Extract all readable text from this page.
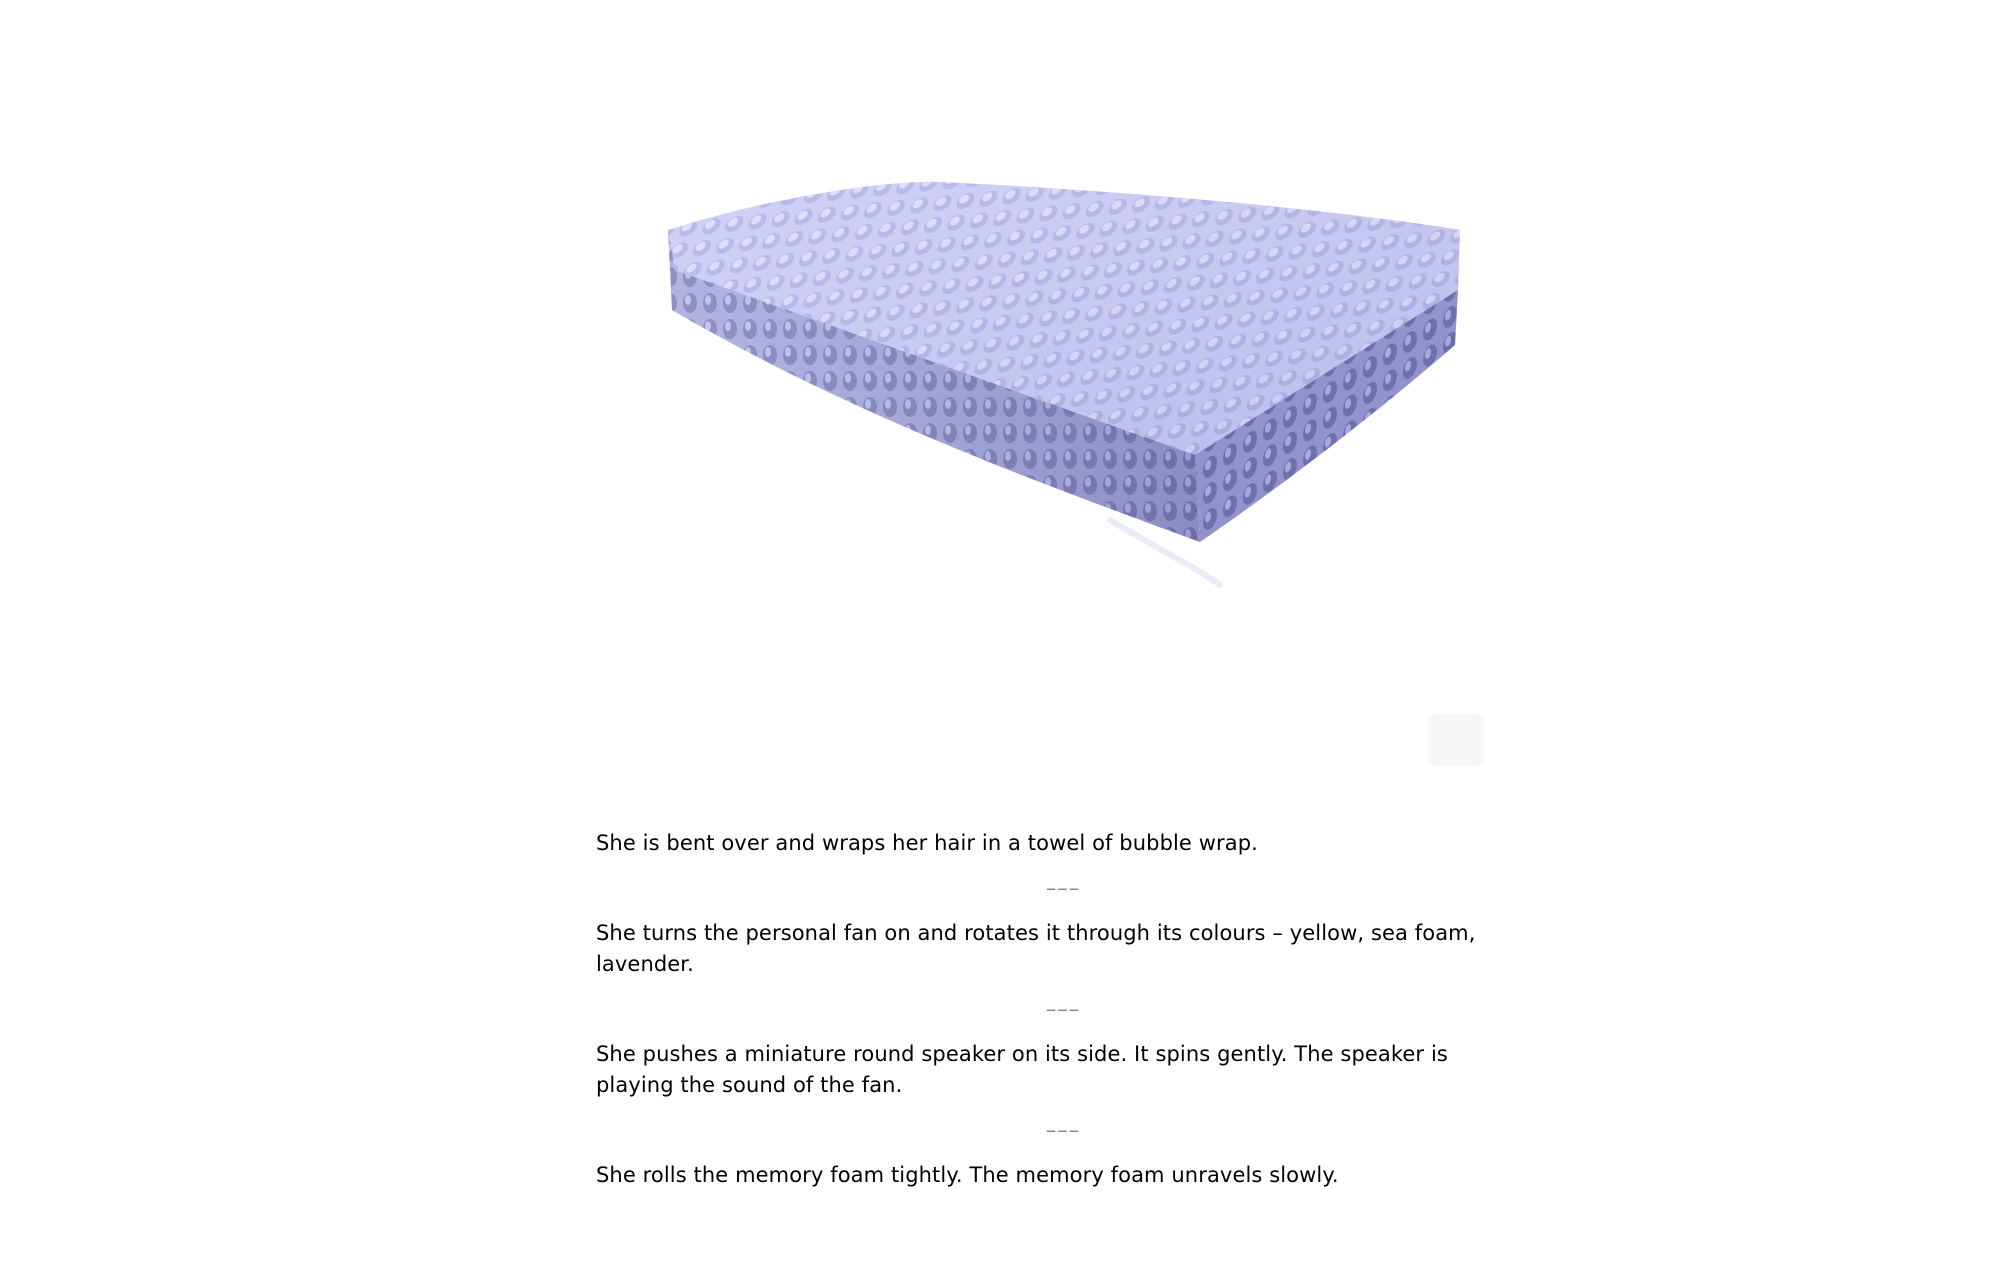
She is bent over and wraps her hair in a towel of bubble wrap.

–––

She turns the personal fan on and rotates it through its colours – yellow, sea foam, lavender.

–––

She pushes a miniature round speaker on its side. It spins gently. The speaker is playing the sound of the fan.

–––

She rolls the memory foam tightly. The memory foam unravels slowly.
